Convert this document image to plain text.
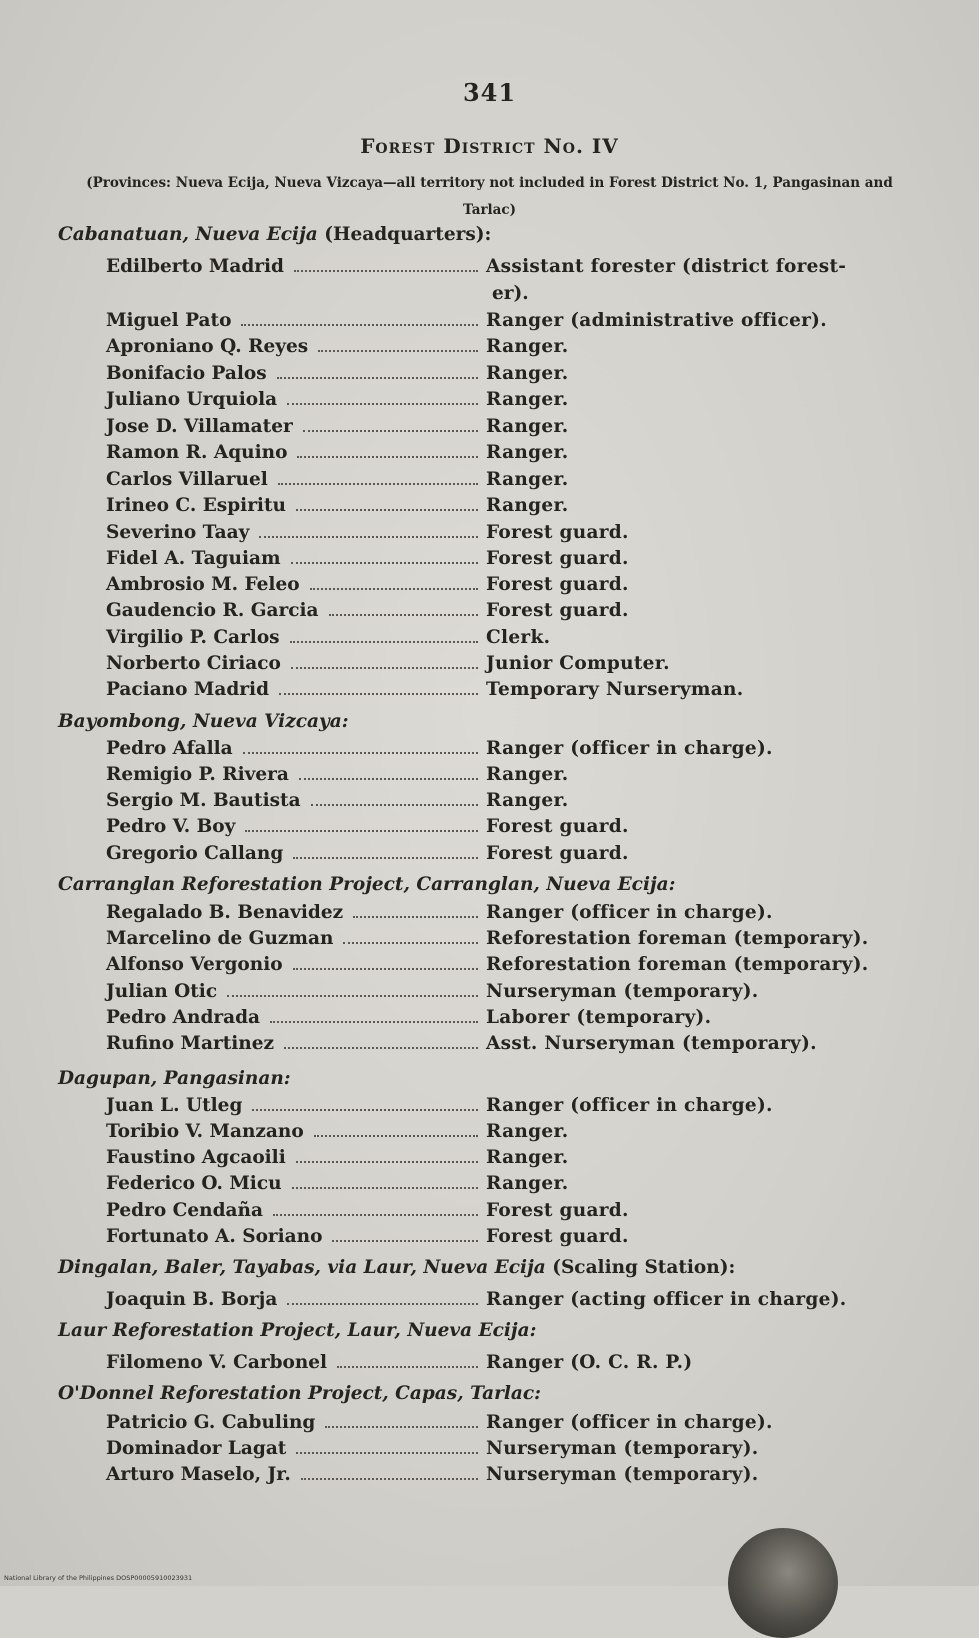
341
Forest District No. IV
(Provinces: Nueva Ecija, Nueva Vizcaya—all territory not included in Forest District No. 1, Pangasinan and Tarlac)
Cabanatuan, Nueva Ecija (Headquarters):
Edilberto Madrid	Assistant forester (district forest-
er).
Miguel Pato	Ranger (administrative officer).
Aproniano Q. Reyes	Ranger.
Bonifacio Palos	Ranger.
Juliano Urquiola	Ranger.
Jose D. Villamater	Ranger.
Ramon R. Aquino	Ranger.
Carlos Villaruel	Ranger.
Irineo C. Espiritu	Ranger.
Severino Taay	Forest guard.
Fidel A. Taguiam	Forest guard.
Ambrosio M. Feleo	Forest guard.
Gaudencio R. Garcia	Forest guard.
Virgilio P. Carlos	Clerk.
Norberto Ciriaco	Junior Computer.
Paciano Madrid	Temporary Nurseryman.
Bayombong, Nueva Vizcaya:
Pedro Afalla	Ranger (officer in charge).
Remigio P. Rivera	Ranger.
Sergio M. Bautista	Ranger.
Pedro V. Boy	Forest guard.
Gregorio Callang	Forest guard.
Carranglan Reforestation Project, Carranglan, Nueva Ecija:
Regalado B. Benavidez	Ranger (officer in charge).
Marcelino de Guzman	Reforestation foreman (temporary).
Alfonso Vergonio	Reforestation foreman (temporary).
Julian Otic	Nurseryman (temporary).
Pedro Andrada	Laborer (temporary).
Rufino Martinez	Asst. Nurseryman (temporary).
Dagupan, Pangasinan:
Juan L. Utleg	Ranger (officer in charge).
Toribio V. Manzano	Ranger.
Faustino Agcaoili	Ranger.
Federico O. Micu	Ranger.
Pedro Cendaña	Forest guard.
Fortunato A. Soriano	Forest guard.
Dingalan, Baler, Tayabas, via Laur, Nueva Ecija (Scaling Station):
Joaquin B. Borja	Ranger (acting officer in charge).
Laur Reforestation Project, Laur, Nueva Ecija:
Filomeno V. Carbonel	Ranger (O. C. R. P.)
O'Donnel Reforestation Project, Capas, Tarlac:
Patricio G. Cabuling	Ranger (officer in charge).
Dominador Lagat	Nurseryman (temporary).
Arturo Maselo, Jr.	Nurseryman (temporary).
National Library of the Philippines DOSP00005910023931
